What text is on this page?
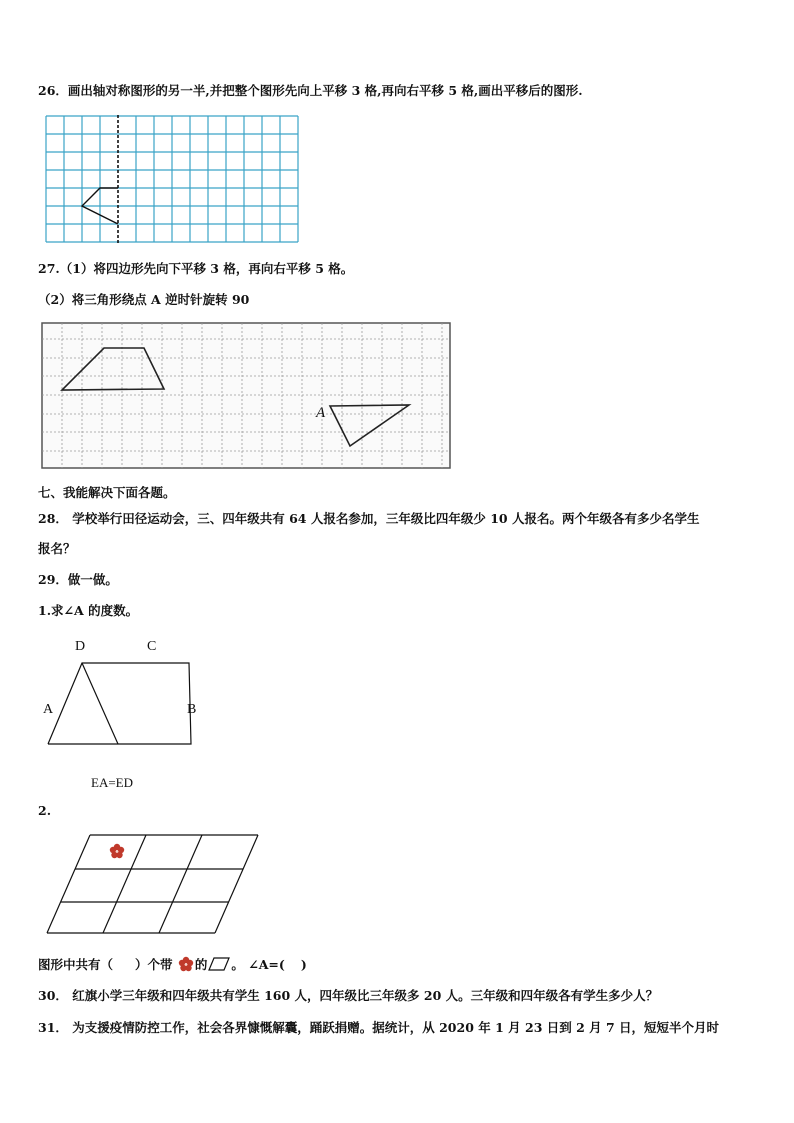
26．画出轴对称图形的另一半,并把整个图形先向上平移 3 格,再向右平移 5 格,画出平移后的图形.
27.（1）将四边形先向下平移 3 格，再向右平移 5 格。
（2）将三角形绕点 A 逆时针旋转 90
A
七、我能解决下面各题。
28． 学校举行田径运动会，三、四年级共有 64 人报名参加，三年级比四年级少 10 人报名。两个年级各有多少名学生
报名？
29．做一做。
1.求∠A 的度数。
D	C
A	B
EA=ED
2.
图形中共有（ ）个带 的 。 ∠A=( )
30． 红旗小学三年级和四年级共有学生 160 人，四年级比三年级多 20 人。三年级和四年级各有学生多少人？
31． 为支援疫情防控工作，社会各界慷慨解囊，踊跃捐赠。据统计，从 2020 年 1 月 23 日到 2 月 7 日，短短半个月时
